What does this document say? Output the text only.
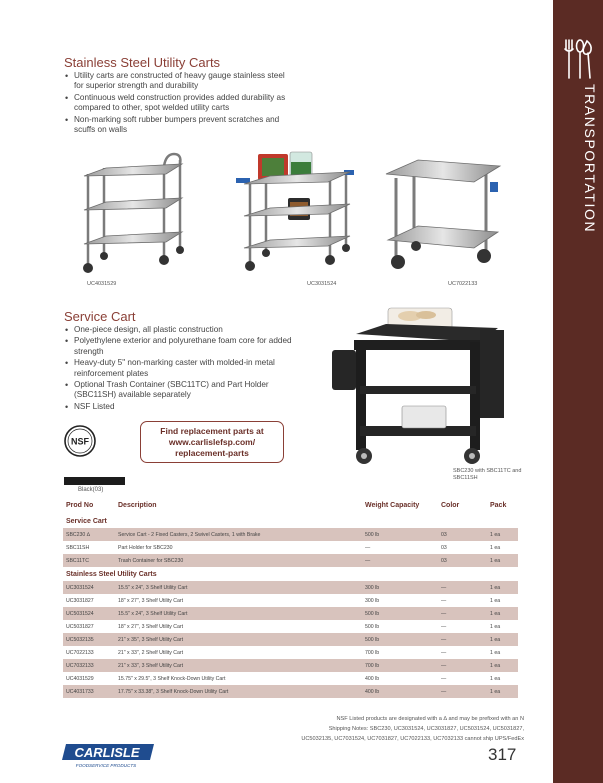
TRANSPORTATION
Stainless Steel Utility Carts
• Utility carts are constructed of heavy gauge stainless steel for superior strength and durability
• Continuous weld construction provides added durability as compared to other, spot welded utility carts
• Non-marking soft rubber bumpers prevent scratches and scuffs on walls
UC4031529	UC3031524	UC7022133
Service Cart
• One-piece design, all plastic construction
• Polyethylene exterior and polyurethane foam core for added strength
• Heavy-duty 5" non-marking caster with molded-in metal reinforcement plates
• Optional Trash Container (SBC11TC) and Part Holder (SBC11SH) available separately
• NSF Listed
NSF
Find replacement parts at
www.carlislefsp.com/
replacement-parts
SBC230 with SBC11TC and SBC11SH
Black(03)
Prod No	Description	Weight Capacity	Color	Pack
Service Cart				
SBC230 ∆	Service Cart - 2 Fixed Casters, 2 Swivel Casters, 1 with Brake	500 lb	03	1 ea
SBC11SH	Part Holder for SBC230	—	03	1 ea
SBC11TC	Trash Container for SBC230	—	03	1 ea
Stainless Steel Utility Carts				
UC3031524	15.5" x 24", 3 Shelf Utility Cart	300 lb	—	1 ea
UC3031827	18" x 27", 3 Shelf Utility Cart	300 lb	—	1 ea
UC5031524	15.5" x 24", 3 Shelf Utility Cart	500 lb	—	1 ea
UC5031827	18" x 27", 3 Shelf Utility Cart	500 lb	—	1 ea
UC5032135	21" x 35", 3 Shelf Utility Cart	500 lb	—	1 ea
UC7022133	21" x 33", 2 Shelf Utility Cart	700 lb	—	1 ea
UC7032133	21" x 33", 3 Shelf Utility Cart	700 lb	—	1 ea
UC4031529	15.75" x 29.5", 3 Shelf Knock-Down Utility Cart	400 lb	—	1 ea
UC4031733	17.75" x 33.38", 3 Shelf Knock-Down Utility Cart	400 lb	—	1 ea
NSF Listed products are designated with a ∆ and may be prefixed with an N
Shipping Notes: SBC230, UC3031524, UC3031827, UC5031524, UC5031827,
UC5032135, UC7031524, UC7031827, UC7022133, UC7032133 cannot ship UPS/FedEx
CARLISLE
FOODSERVICE PRODUCTS
317
